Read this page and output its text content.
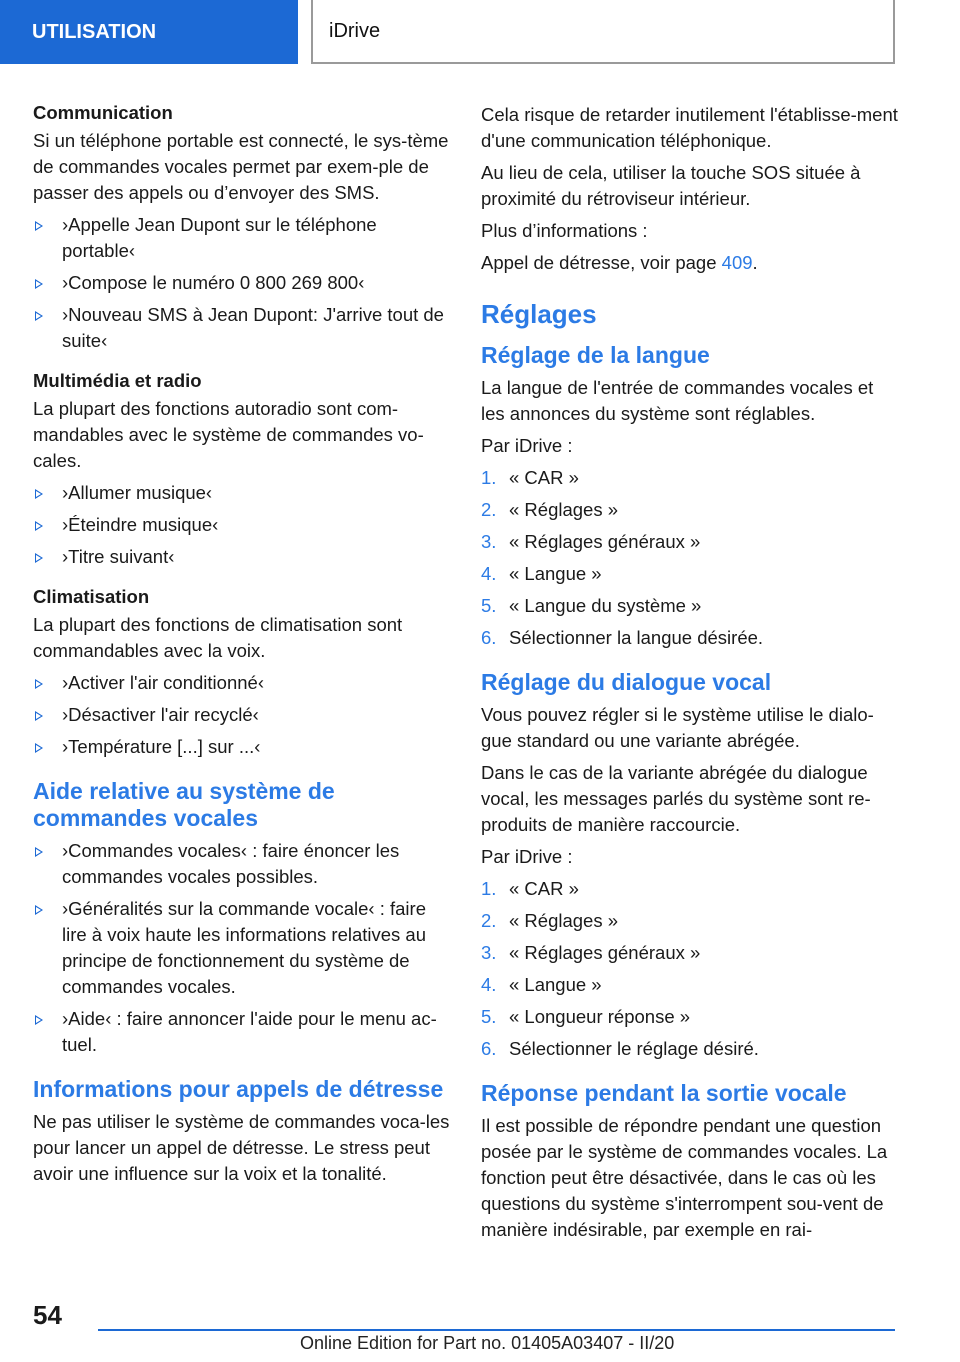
UTILISATION	iDrive
Communication

Si un téléphone portable est connecté, le sys-tème de commandes vocales permet par exem-ple de passer des appels ou d’envoyer des SMS.

›Appelle Jean Dupont sur le téléphone portable‹
›Compose le numéro 0 800 269 800‹
›Nouveau SMS à Jean Dupont: J'arrive tout de suite‹
Multimédia et radio

La plupart des fonctions autoradio sont com-mandables avec le système de commandes vo-cales.

›Allumer musique‹
›Éteindre musique‹
›Titre suivant‹
Climatisation

La plupart des fonctions de climatisation sont commandables avec la voix.

›Activer l'air conditionné‹
›Désactiver l'air recyclé‹
›Température [...] sur ...‹
Aide relative au système de commandes vocales
›Commandes vocales‹ : faire énoncer les commandes vocales possibles.
›Généralités sur la commande vocale‹ : faire lire à voix haute les informations relatives au principe de fonctionnement du système de commandes vocales.
›Aide‹ : faire annoncer l'aide pour le menu ac-tuel.
Informations pour appels de détresse

Ne pas utiliser le système de commandes voca-les pour lancer un appel de détresse. Le stress peut avoir une influence sur la voix et la tonalité.

Cela risque de retarder inutilement l'établisse-ment d'une communication téléphonique.

Au lieu de cela, utiliser la touche SOS située à proximité du rétroviseur intérieur.

Plus d’informations :

Appel de détresse, voir page 409.

Réglages
Réglage de la langue

La langue de l'entrée de commandes vocales et les annonces du système sont réglables.

Par iDrive :

1. « CAR »
2. « Réglages »
3. « Réglages généraux »
4. « Langue »
5. « Langue du système »
6. Sélectionner la langue désirée.
Réglage du dialogue vocal

Vous pouvez régler si le système utilise le dialo-gue standard ou une variante abrégée.

Dans le cas de la variante abrégée du dialogue vocal, les messages parlés du système sont re-produits de manière raccourcie.

Par iDrive :

1. « CAR »
2. « Réglages »
3. « Réglages généraux »
4. « Langue »
5. « Longueur réponse »
6. Sélectionner le réglage désiré.
Réponse pendant la sortie vocale

Il est possible de répondre pendant une question posée par le système de commandes vocales. La fonction peut être désactivée, dans le cas où les questions du système s'interrompent sou-vent de manière indésirable, par exemple en rai-

54
Online Edition for Part no. 01405A03407 - II/20
